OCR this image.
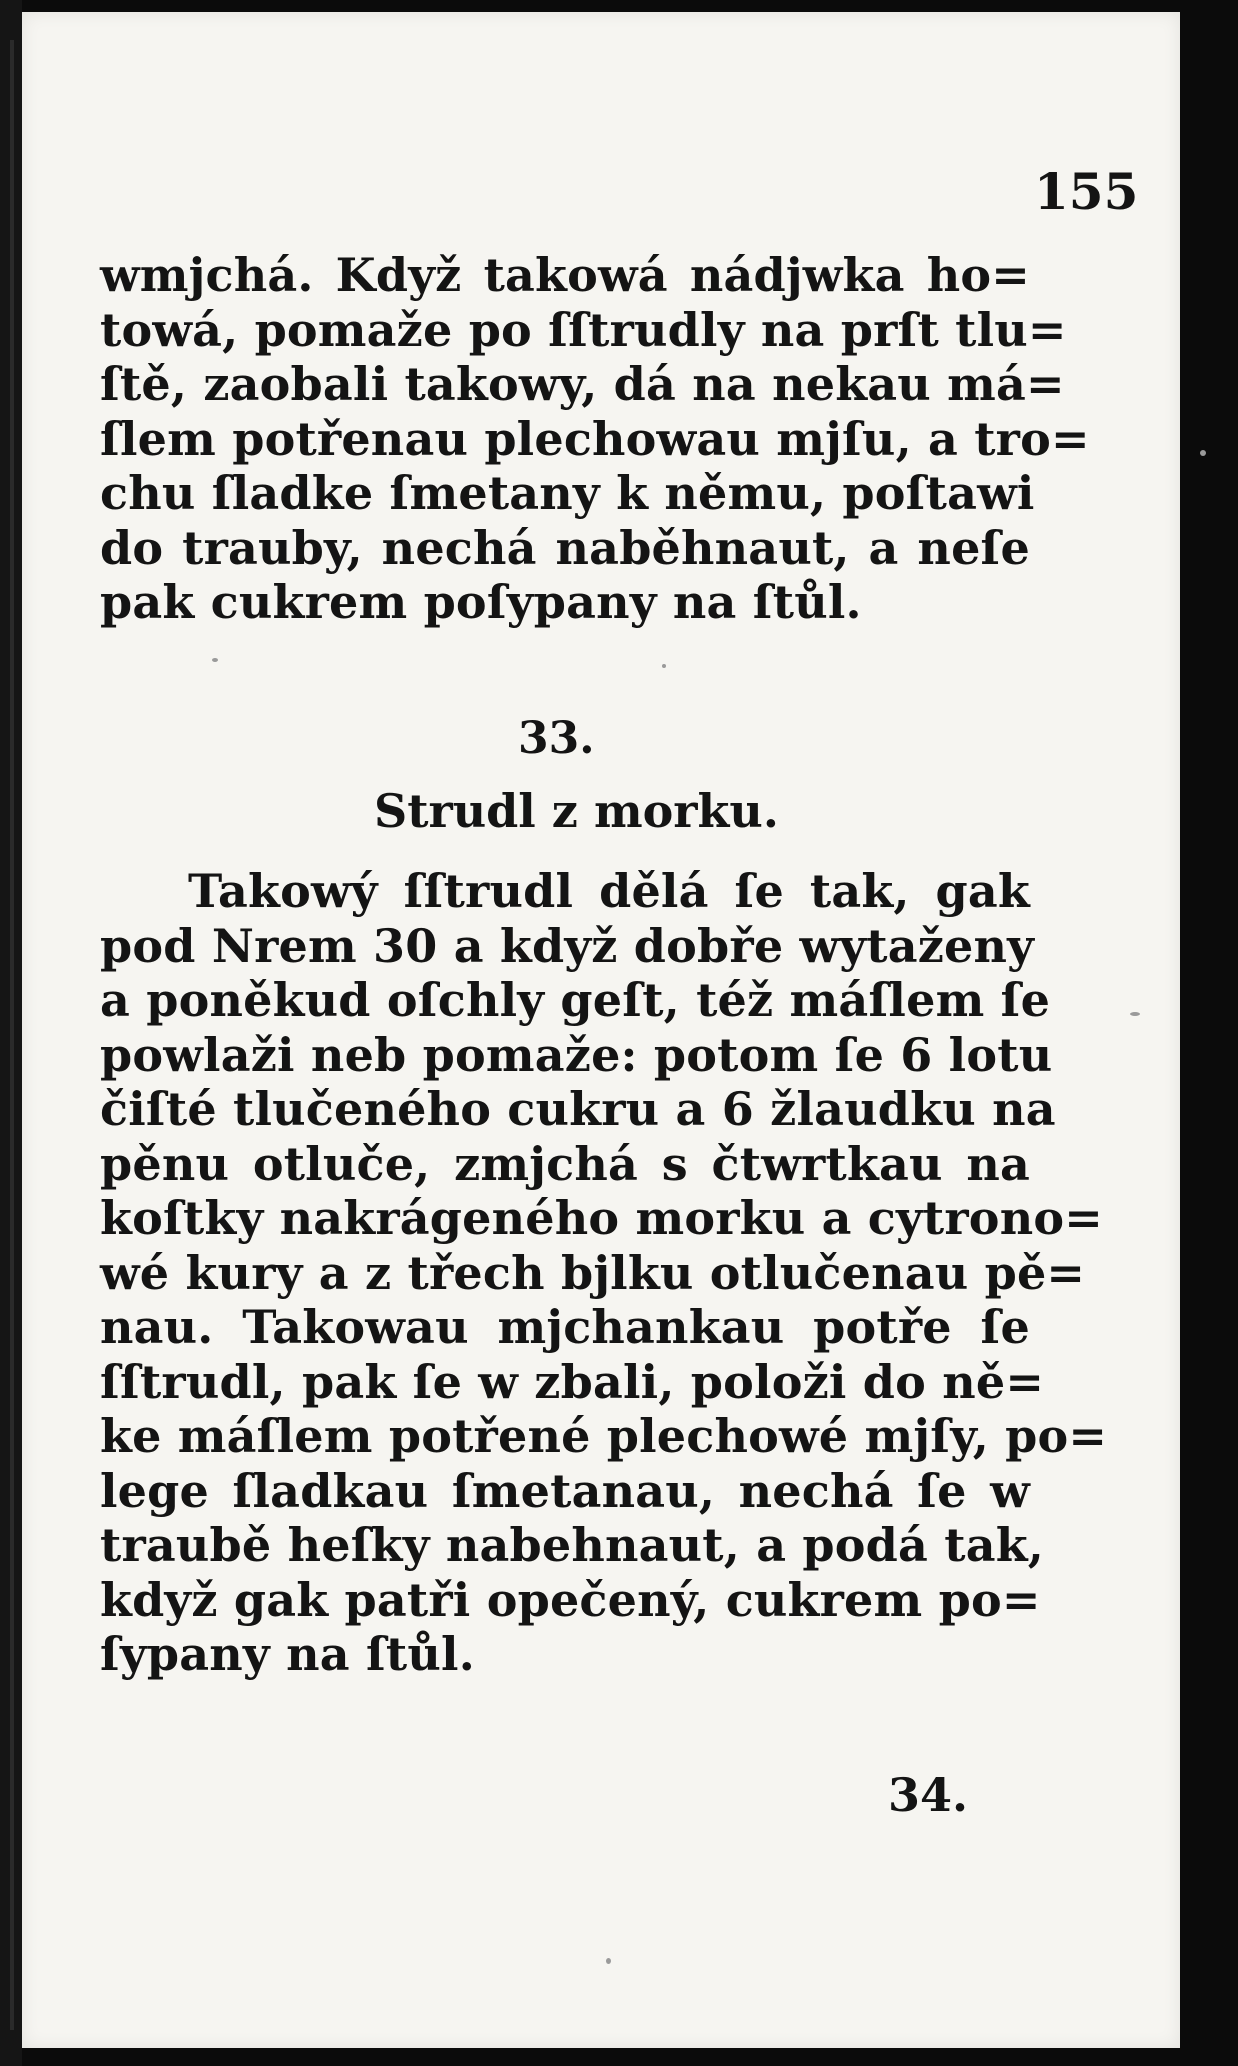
155

wmjchá. Když takowá nádjwka ho=
towá, pomaže po ſſtrudly na prſt tlu=
ſtě, zaobali takowy, dá na nekau má=
ſlem potřenau plechowau mjſu, a tro=
chu ſladke ſmetany k němu, poſtawi
do trauby, nechá naběhnaut, a neſe
pak cukrem poſypany na ſtůl.

33.
Strudl z morku.

Takowý ſſtrudl dělá ſe tak, gak
pod Nrem 30 a když dobře wytaženy
a poněkud oſchly geſt, též máſlem ſe
powlaži neb pomaže: potom ſe 6 lotu
čiſté tlučeného cukru a 6 žlaudku na
pěnu otluče, zmjchá s čtwrtkau na
koſtky nakrágeného morku a cytrono=
wé kury a z třech bjlku otlučenau pě=
nau. Takowau mjchankau potře ſe
ſſtrudl, pak ſe w zbali, položi do ně=
ke máſlem potřené plechowé mjſy, po=
lege ſladkau ſmetanau, nechá ſe w
traubě heſky nabehnaut, a podá tak,
když gak patři opečený, cukrem po=
ſypany na ſtůl.

34.
